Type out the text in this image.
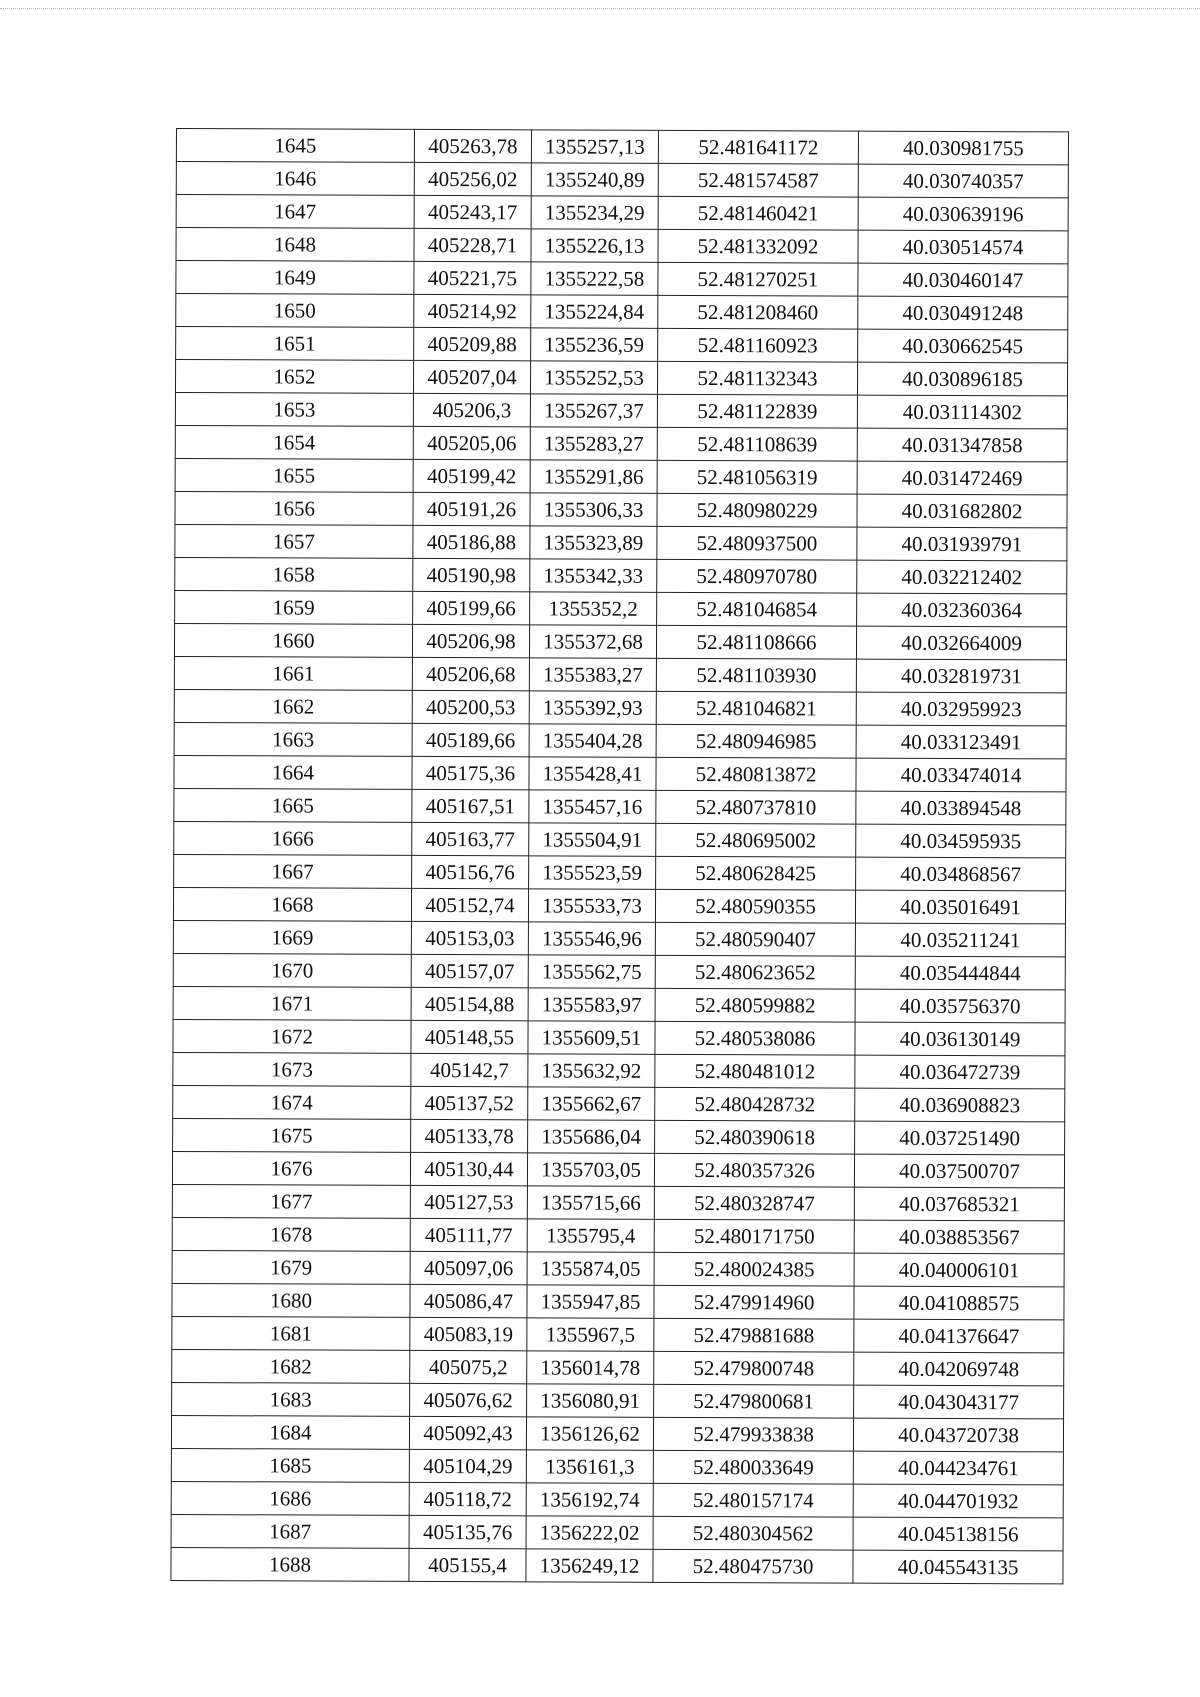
1645	405263,78	1355257,13	52.481641172	40.030981755
1646	405256,02	1355240,89	52.481574587	40.030740357
1647	405243,17	1355234,29	52.481460421	40.030639196
1648	405228,71	1355226,13	52.481332092	40.030514574
1649	405221,75	1355222,58	52.481270251	40.030460147
1650	405214,92	1355224,84	52.481208460	40.030491248
1651	405209,88	1355236,59	52.481160923	40.030662545
1652	405207,04	1355252,53	52.481132343	40.030896185
1653	405206,3	1355267,37	52.481122839	40.031114302
1654	405205,06	1355283,27	52.481108639	40.031347858
1655	405199,42	1355291,86	52.481056319	40.031472469
1656	405191,26	1355306,33	52.480980229	40.031682802
1657	405186,88	1355323,89	52.480937500	40.031939791
1658	405190,98	1355342,33	52.480970780	40.032212402
1659	405199,66	1355352,2	52.481046854	40.032360364
1660	405206,98	1355372,68	52.481108666	40.032664009
1661	405206,68	1355383,27	52.481103930	40.032819731
1662	405200,53	1355392,93	52.481046821	40.032959923
1663	405189,66	1355404,28	52.480946985	40.033123491
1664	405175,36	1355428,41	52.480813872	40.033474014
1665	405167,51	1355457,16	52.480737810	40.033894548
1666	405163,77	1355504,91	52.480695002	40.034595935
1667	405156,76	1355523,59	52.480628425	40.034868567
1668	405152,74	1355533,73	52.480590355	40.035016491
1669	405153,03	1355546,96	52.480590407	40.035211241
1670	405157,07	1355562,75	52.480623652	40.035444844
1671	405154,88	1355583,97	52.480599882	40.035756370
1672	405148,55	1355609,51	52.480538086	40.036130149
1673	405142,7	1355632,92	52.480481012	40.036472739
1674	405137,52	1355662,67	52.480428732	40.036908823
1675	405133,78	1355686,04	52.480390618	40.037251490
1676	405130,44	1355703,05	52.480357326	40.037500707
1677	405127,53	1355715,66	52.480328747	40.037685321
1678	405111,77	1355795,4	52.480171750	40.038853567
1679	405097,06	1355874,05	52.480024385	40.040006101
1680	405086,47	1355947,85	52.479914960	40.041088575
1681	405083,19	1355967,5	52.479881688	40.041376647
1682	405075,2	1356014,78	52.479800748	40.042069748
1683	405076,62	1356080,91	52.479800681	40.043043177
1684	405092,43	1356126,62	52.479933838	40.043720738
1685	405104,29	1356161,3	52.480033649	40.044234761
1686	405118,72	1356192,74	52.480157174	40.044701932
1687	405135,76	1356222,02	52.480304562	40.045138156
1688	405155,4	1356249,12	52.480475730	40.045543135
